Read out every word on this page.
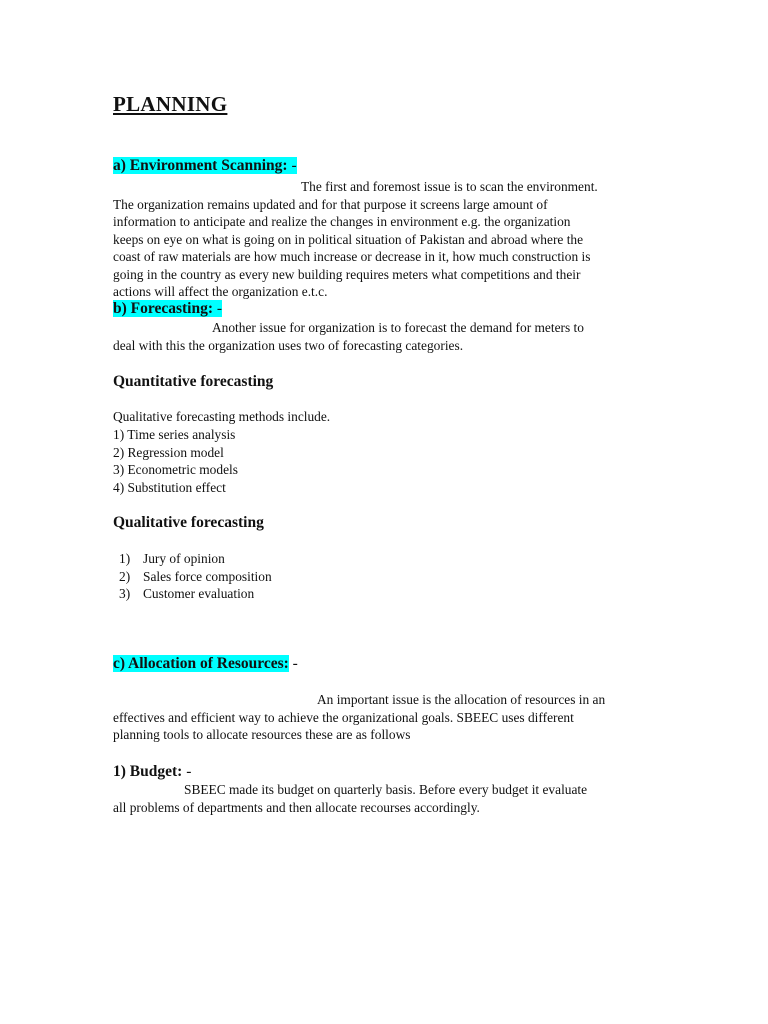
PLANNING
a) Environment Scanning: -
The first and foremost issue is to scan the environment.
The organization remains updated and for that purpose it screens large amount of
information to anticipate and realize the changes in environment e.g. the organization
keeps on eye on what is going on in political situation of Pakistan and abroad where the
coast of raw materials are how much increase or decrease in it, how much construction is
going in the country as every new building requires meters what competitions and their
actions will affect the organization e.t.c.
b) Forecasting: -
Another issue for organization is to forecast the demand for meters to
deal with this the organization uses two of forecasting categories.
Quantitative forecasting

Qualitative forecasting methods include.

1) Time series analysis
2) Regression model
3) Econometric models
4) Substitution effect
Qualitative forecasting
1) Jury of opinion
2) Sales force composition
3) Customer evaluation
c) Allocation of Resources: -
An important issue is the allocation of resources in an
effectives and efficient way to achieve the organizational goals. SBEEC uses different
planning tools to allocate resources these are as follows
1) Budget: -
SBEEC made its budget on quarterly basis. Before every budget it evaluate
all problems of departments and then allocate recourses accordingly.
